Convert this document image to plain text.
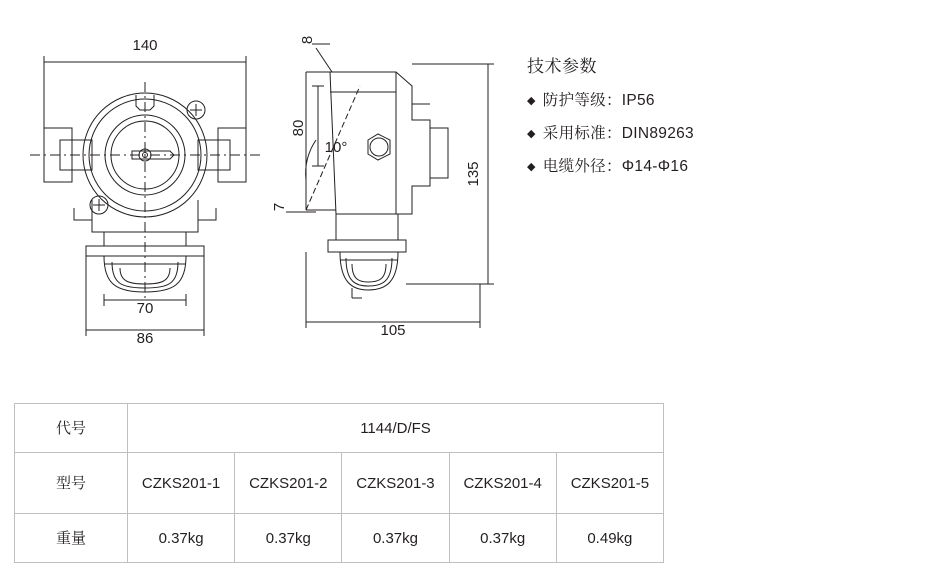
140
70
86
8
80
10°
7
135
105
技术参数
◆ 防护等级：IP56
◆ 采用标准：DIN89263
◆ 电缆外径：Φ14-Φ16
代号	1144/D/FS				
型号	CZKS201-1	CZKS201-2	CZKS201-3	CZKS201-4	CZKS201-5
重量	0.37kg	0.37kg	0.37kg	0.37kg	0.49kg
